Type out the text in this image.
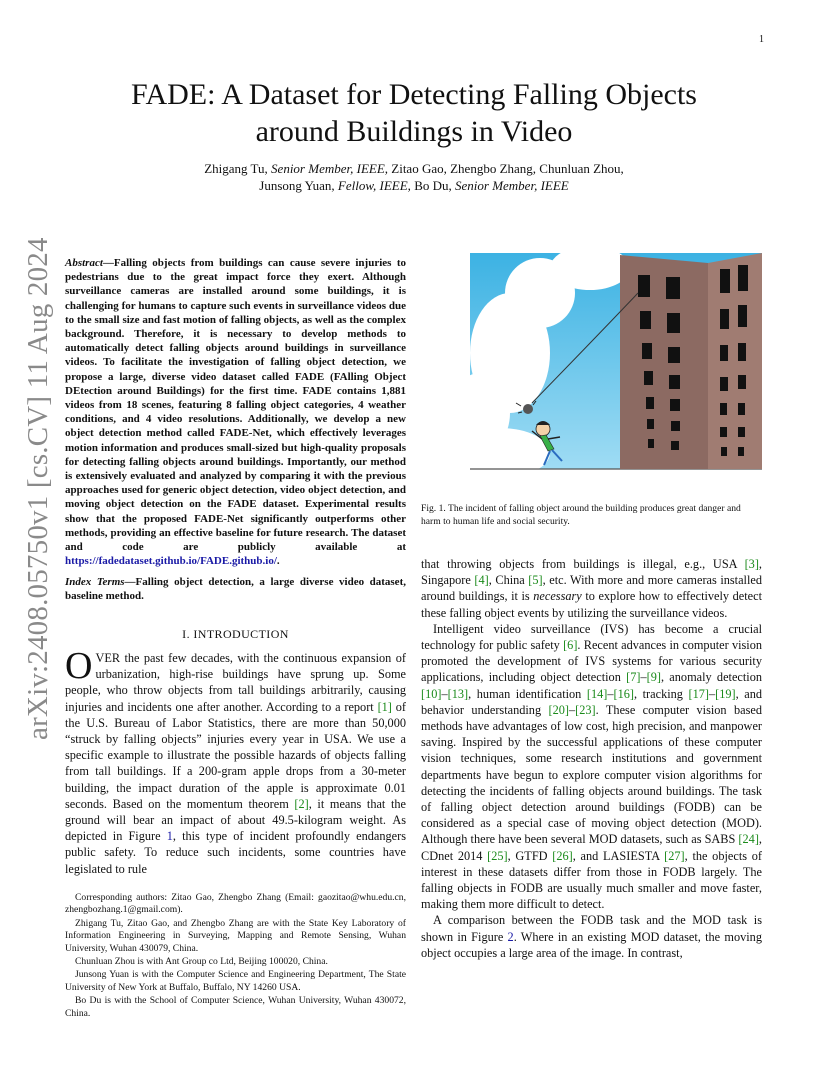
1
arXiv:2408.05750v1 [cs.CV] 11 Aug 2024
FADE: A Dataset for Detecting Falling Objects
around Buildings in Video
Zhigang Tu, Senior Member, IEEE, Zitao Gao, Zhengbo Zhang, Chunluan Zhou,
Junsong Yuan, Fellow, IEEE, Bo Du, Senior Member, IEEE
Abstract—Falling objects from buildings can cause severe injuries to pedestrians due to the great impact force they exert. Although surveillance cameras are installed around some buildings, it is challenging for humans to capture such events in surveillance videos due to the small size and fast motion of falling objects, as well as the complex background. Therefore, it is necessary to develop methods to automatically detect falling objects around buildings in surveillance videos. To facilitate the investigation of falling object detection, we propose a large, diverse video dataset called FADE (FAlling Object DEtection around Buildings) for the first time. FADE contains 1,881 videos from 18 scenes, featuring 8 falling object categories, 4 weather conditions, and 4 video resolutions. Additionally, we develop a new object detection method called FADE-Net, which effectively leverages motion information and produces small-sized but high-quality proposals for detecting falling objects around buildings. Importantly, our method is extensively evaluated and analyzed by comparing it with the previous approaches used for generic object detection, video object detection, and moving object detection on the FADE dataset. Experimental results show that the proposed FADE-Net significantly outperforms other methods, providing an effective baseline for future research. The dataset and code are publicly available at https://fadedataset.github.io/FADE.github.io/.
Index Terms—Falling object detection, a large diverse video dataset, baseline method.
I. INTRODUCTION
OVER the past few decades, with the continuous expansion of urbanization, high-rise buildings have sprung up. Some people, who throw objects from tall buildings arbitrarily, causing injuries and incidents one after another. According to a report [1] of the U.S. Bureau of Labor Statistics, there are more than 50,000 “struck by falling objects” injuries every year in USA. We use a specific example to illustrate the possible hazards of objects falling from tall buildings. If a 200-gram apple drops from a 30-meter building, the impact duration of the apple is approximate 0.01 seconds. Based on the momentum theorem [2], it means that the ground will bear an impact of about 49.5-kilogram weight. As depicted in Figure 1, this type of incident profoundly endangers public safety. To reduce such incidents, some countries have legislated to rule

Corresponding authors: Zitao Gao, Zhengbo Zhang (Email: gaozitao@whu.edu.cn, zhengbozhang.1@gmail.com).

Zhigang Tu, Zitao Gao, and Zhengbo Zhang are with the State Key Laboratory of Information Engineering in Surveying, Mapping and Remote Sensing, Wuhan University, Wuhan 430079, China.

Chunluan Zhou is with Ant Group co Ltd, Beijing 100020, China.

Junsong Yuan is with the Computer Science and Engineering Department, The State University of New York at Buffalo, Buffalo, NY 14260 USA.

Bo Du is with the School of Computer Science, Wuhan University, Wuhan 430072, China.

Fig. 1. The incident of falling object around the building produces great danger and harm to human life and social security.

that throwing objects from buildings is illegal, e.g., USA [3], Singapore [4], China [5], etc. With more and more cameras installed around buildings, it is necessary to explore how to effectively detect these falling object events by utilizing the surveillance videos.

Intelligent video surveillance (IVS) has become a crucial technology for public safety [6]. Recent advances in computer vision promoted the development of IVS systems for various security applications, including object detection [7]–[9], anomaly detection [10]–[13], human identification [14]–[16], tracking [17]–[19], and behavior understanding [20]–[23]. These computer vision based methods have advantages of low cost, high precision, and manpower saving. Inspired by the successful applications of these computer vision techniques, some research institutions and government departments have begun to explore computer vision algorithms for detecting the incidents of falling objects around buildings. The task of falling object detection around buildings (FODB) can be considered as a special case of moving object detection (MOD). Although there have been several MOD datasets, such as SABS [24], CDnet 2014 [25], GTFD [26], and LASIESTA [27], the objects of interest in these datasets differ from those in FODB largely. The falling objects in FODB are usually much smaller and move faster, making them more difficult to detect.

A comparison between the FODB task and the MOD task is shown in Figure 2. Where in an existing MOD dataset, the moving object occupies a large area of the image. In contrast,
